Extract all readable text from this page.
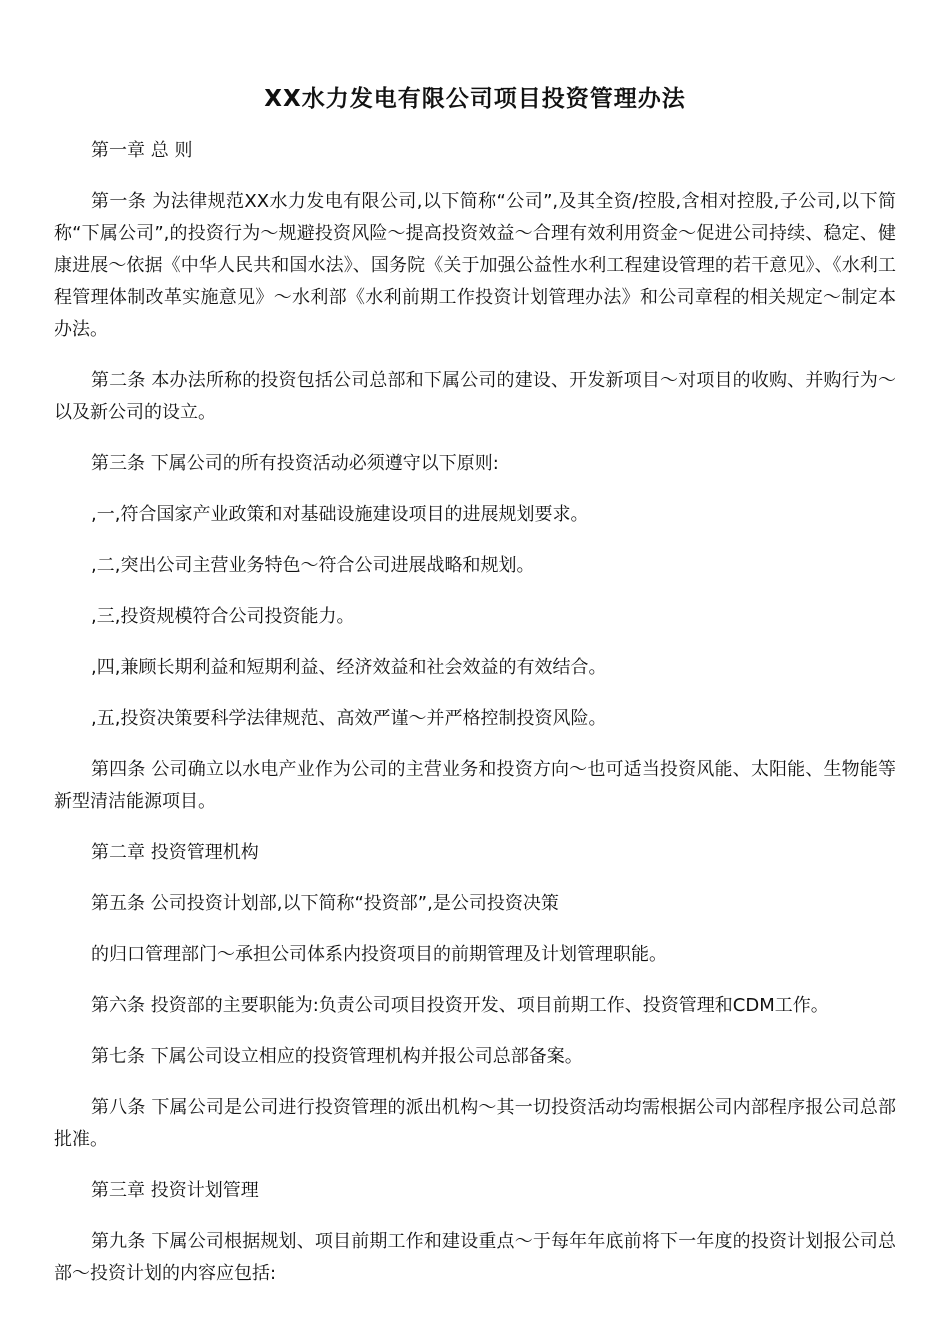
XX水力发电有限公司项目投资管理办法

第一章 总 则

第一条 为法律规范XX水力发电有限公司,以下简称“公司”,及其全资/控股,含相对控股,子公司,以下简称“下属公司”,的投资行为～规避投资风险～提高投资效益～合理有效利用资金～促进公司持续、稳定、健康进展～依据《中华人民共和国水法》、国务院《关于加强公益性水利工程建设管理的若干意见》、《水利工程管理体制改革实施意见》～水利部《水利前期工作投资计划管理办法》和公司章程的相关规定～制定本办法。

第二条 本办法所称的投资包括公司总部和下属公司的建设、开发新项目～对项目的收购、并购行为～以及新公司的设立。

第三条 下属公司的所有投资活动必须遵守以下原则:

,一,符合国家产业政策和对基础设施建设项目的进展规划要求。

,二,突出公司主营业务特色～符合公司进展战略和规划。

,三,投资规模符合公司投资能力。

,四,兼顾长期利益和短期利益、经济效益和社会效益的有效结合。

,五,投资决策要科学法律规范、高效严谨～并严格控制投资风险。

第四条 公司确立以水电产业作为公司的主营业务和投资方向～也可适当投资风能、太阳能、生物能等新型清洁能源项目。

第二章 投资管理机构

第五条 公司投资计划部,以下简称“投资部”,是公司投资决策

的归口管理部门～承担公司体系内投资项目的前期管理及计划管理职能。

第六条 投资部的主要职能为:负责公司项目投资开发、项目前期工作、投资管理和CDM工作。

第七条 下属公司设立相应的投资管理机构并报公司总部备案。

第八条 下属公司是公司进行投资管理的派出机构～其一切投资活动均需根据公司内部程序报公司总部批准。

第三章 投资计划管理

第九条 下属公司根据规划、项目前期工作和建设重点～于每年年底前将下一年度的投资计划报公司总部～投资计划的内容应包括:
